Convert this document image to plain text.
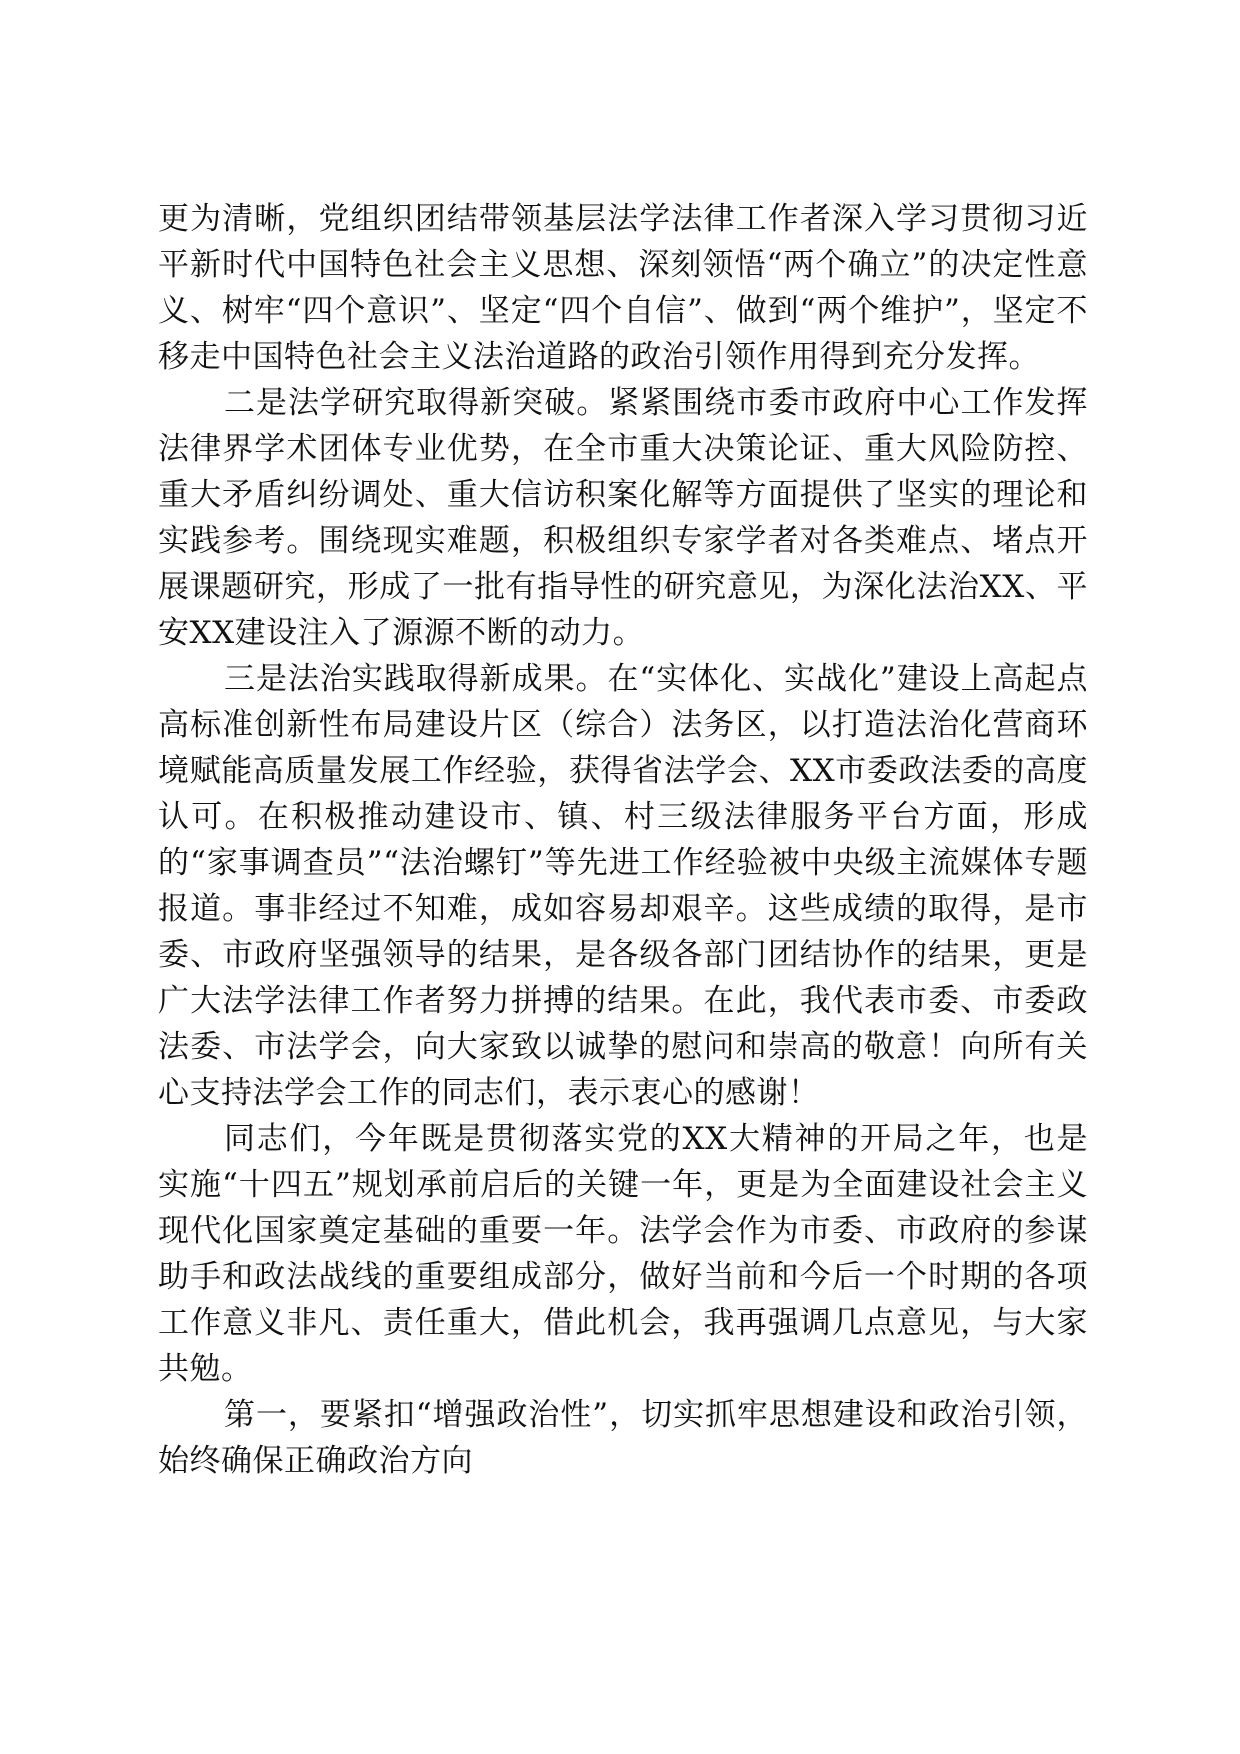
更为清晰，党组织团结带领基层法学法律工作者深入学习贯彻习近平新时代中国特色社会主义思想、深刻领悟“两个确立”的决定性意义、树牢“四个意识”、坚定“四个自信”、做到“两个维护”，坚定不移走中国特色社会主义法治道路的政治引领作用得到充分发挥。

二是法学研究取得新突破。紧紧围绕市委市政府中心工作发挥法律界学术团体专业优势，在全市重大决策论证、重大风险防控、重大矛盾纠纷调处、重大信访积案化解等方面提供了坚实的理论和实践参考。围绕现实难题，积极组织专家学者对各类难点、堵点开展课题研究，形成了一批有指导性的研究意见，为深化法治XX、平安XX建设注入了源源不断的动力。

三是法治实践取得新成果。在“实体化、实战化”建设上高起点高标准创新性布局建设片区（综合）法务区，以打造法治化营商环境赋能高质量发展工作经验，获得省法学会、XX市委政法委的高度认可。在积极推动建设市、镇、村三级法律服务平台方面，形成的“家事调查员”“法治螺钉”等先进工作经验被中央级主流媒体专题报道。事非经过不知难，成如容易却艰辛。这些成绩的取得，是市委、市政府坚强领导的结果，是各级各部门团结协作的结果，更是广大法学法律工作者努力拼搏的结果。在此，我代表市委、市委政法委、市法学会，向大家致以诚挚的慰问和崇高的敬意！向所有关心支持法学会工作的同志们，表示衷心的感谢！

同志们，今年既是贯彻落实党的XX大精神的开局之年，也是实施“十四五”规划承前启后的关键一年，更是为全面建设社会主义现代化国家奠定基础的重要一年。法学会作为市委、市政府的参谋助手和政法战线的重要组成部分，做好当前和今后一个时期的各项工作意义非凡、责任重大，借此机会，我再强调几点意见，与大家共勉。

第一，要紧扣“增强政治性”，切实抓牢思想建设和政治引领，始终确保正确政治方向
